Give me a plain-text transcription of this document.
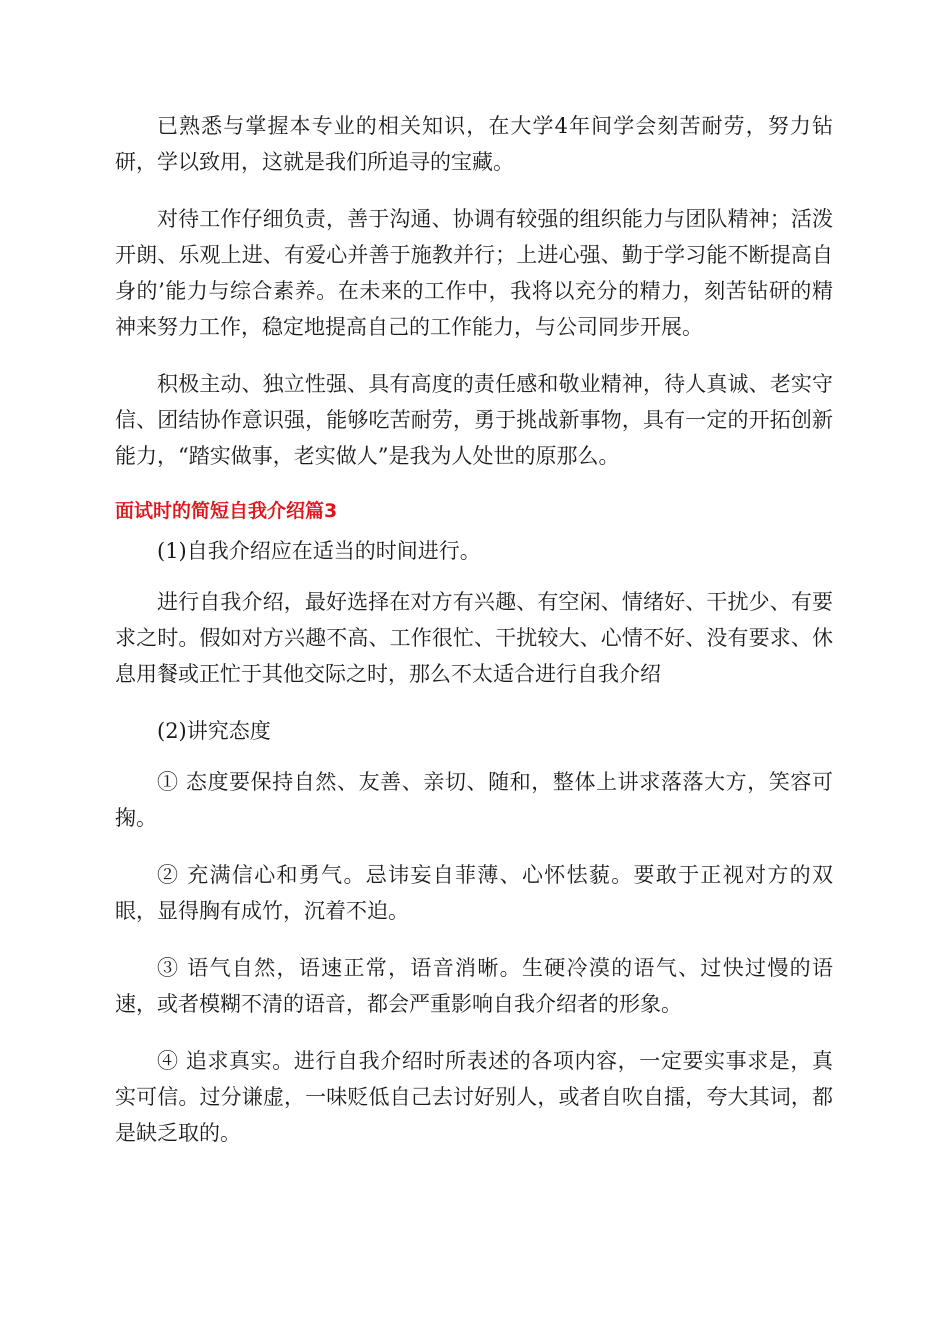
已熟悉与掌握本专业的相关知识，在大学4年间学会刻苦耐劳，努力钻研，学以致用，这就是我们所追寻的宝藏。

对待工作仔细负责，善于沟通、协调有较强的组织能力与团队精神；活泼开朗、乐观上进、有爱心并善于施教并行；上进心强、勤于学习能不断提高自身的’能力与综合素养。在未来的工作中，我将以充分的精力，刻苦钻研的精神来努力工作，稳定地提高自己的工作能力，与公司同步开展。

积极主动、独立性强、具有高度的责任感和敬业精神，待人真诚、老实守信、团结协作意识强，能够吃苦耐劳，勇于挑战新事物，具有一定的开拓创新能力，“踏实做事，老实做人”是我为人处世的原那么。

面试时的简短自我介绍篇3

(1)自我介绍应在适当的时间进行。

进行自我介绍，最好选择在对方有兴趣、有空闲、情绪好、干扰少、有要求之时。假如对方兴趣不高、工作很忙、干扰较大、心情不好、没有要求、休息用餐或正忙于其他交际之时，那么不太适合进行自我介绍

(2)讲究态度

① 态度要保持自然、友善、亲切、随和，整体上讲求落落大方，笑容可掬。

② 充满信心和勇气。忌讳妄自菲薄、心怀怯藐。要敢于正视对方的双眼，显得胸有成竹，沉着不迫。

③ 语气自然，语速正常，语音消晰。生硬冷漠的语气、过快过慢的语速，或者模糊不清的语音，都会严重影响自我介绍者的形象。

④ 追求真实。进行自我介绍时所表述的各项内容，一定要实事求是，真实可信。过分谦虚，一味贬低自己去讨好别人，或者自吹自擂，夸大其词，都是缺乏取的。
